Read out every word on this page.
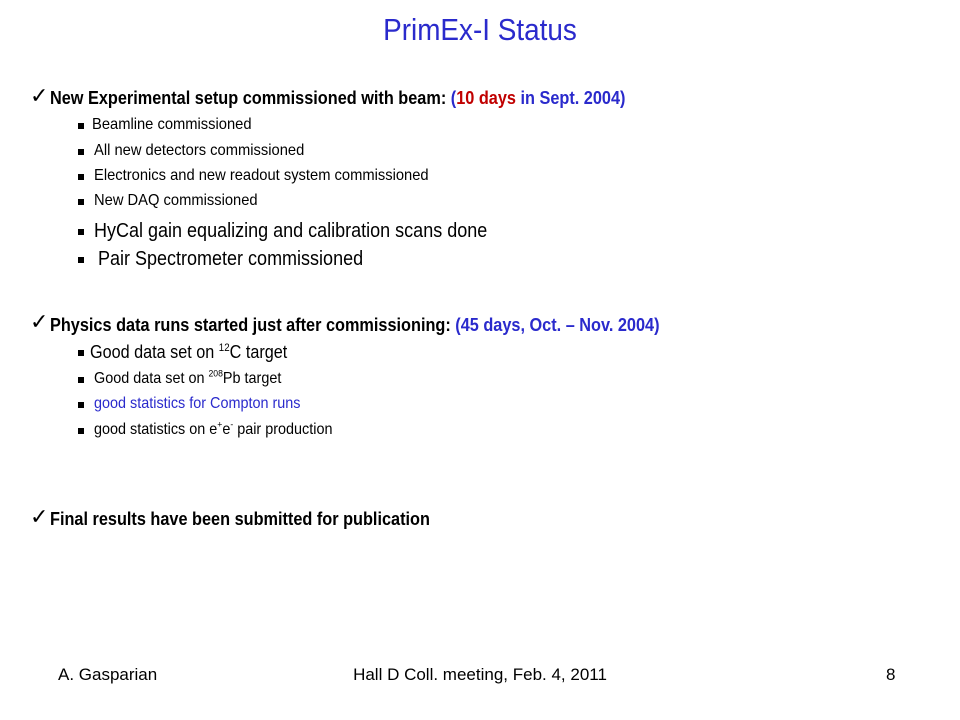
PrimEx-I Status
✓ New Experimental setup commissioned with beam: (10 days in Sept. 2004)
Beamline commissioned
All new detectors commissioned
Electronics and new readout system commissioned
New DAQ commissioned
HyCal gain equalizing and calibration scans done
Pair Spectrometer commissioned
✓ Physics data runs started just after commissioning: (45 days, Oct. – Nov. 2004)
Good data set on $^{12}$C target
Good data set on $^{208}$Pb target
good statistics for Compton runs
good statistics on e+e- pair production
✓ Final results have been submitted for publication
A. Gasparian	Hall D Coll. meeting, Feb. 4, 2011	8
